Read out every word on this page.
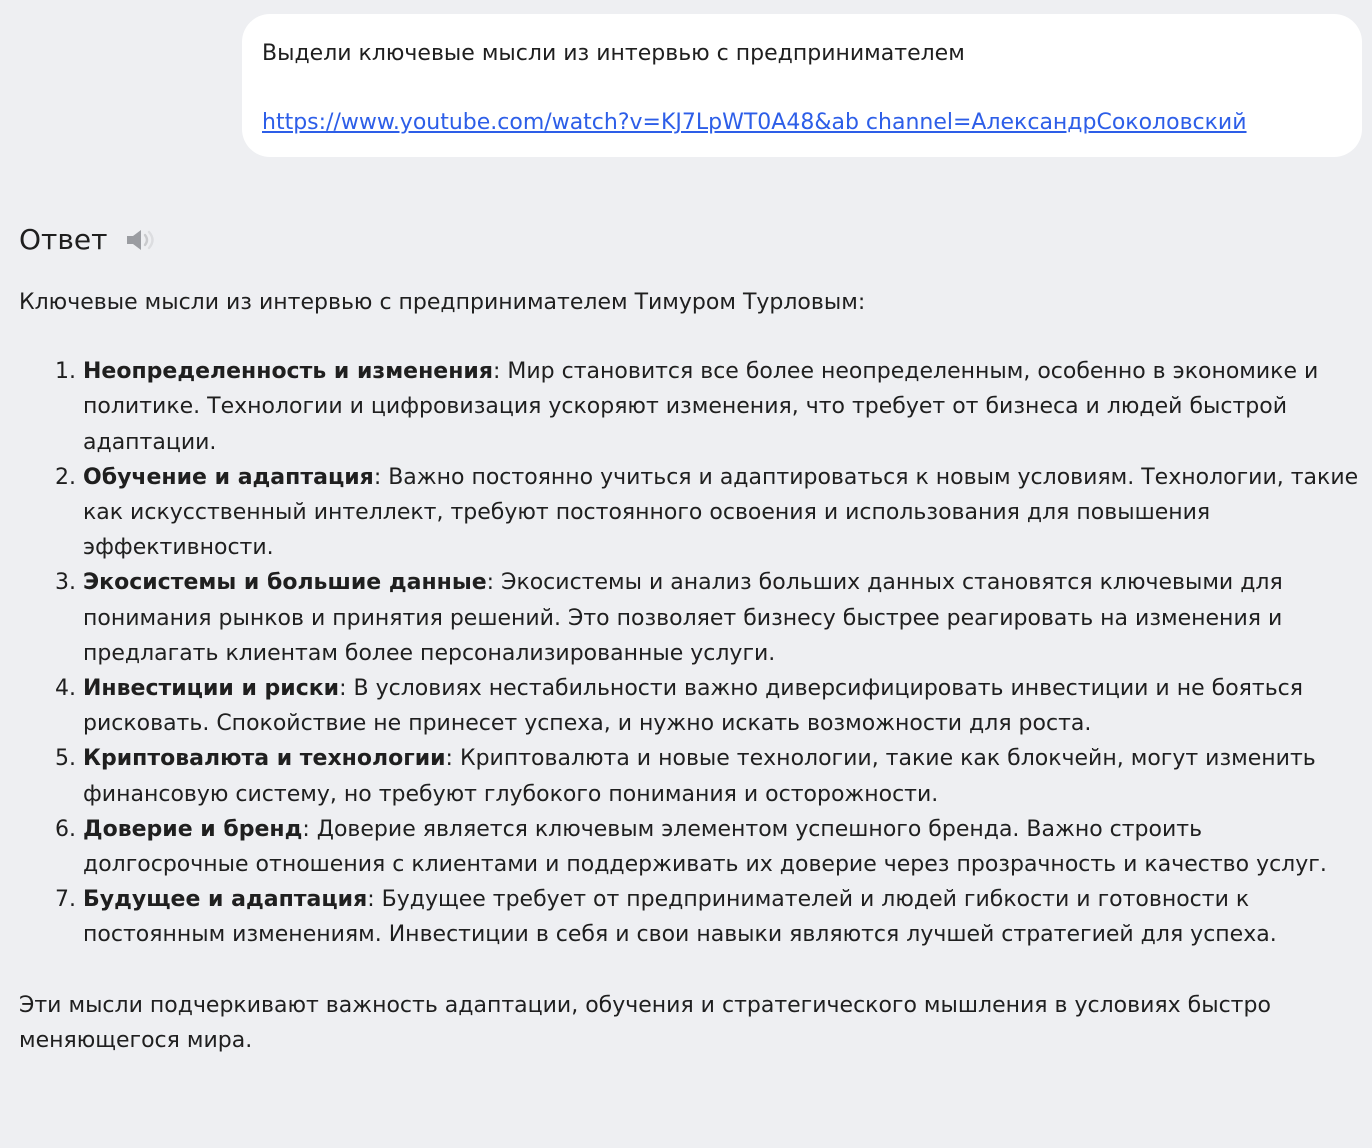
Выдели ключевые мысли из интервью с предпринимателем
https://www.youtube.com/watch?v=KJ7LpWT0A48&ab channel=АлександрСоколовский
Ответ

Ключевые мысли из интервью с предпринимателем Тимуром Турловым:

1. Неопределенность и изменения: Мир становится все более неопределенным, особенно в экономике и политике. Технологии и цифровизация ускоряют изменения, что требует от бизнеса и людей быстрой адаптации.
2. Обучение и адаптация: Важно постоянно учиться и адаптироваться к новым условиям. Технологии, такие как искусственный интеллект, требуют постоянного освоения и использования для повышения эффективности.
3. Экосистемы и большие данные: Экосистемы и анализ больших данных становятся ключевыми для понимания рынков и принятия решений. Это позволяет бизнесу быстрее реагировать на изменения и предлагать клиентам более персонализированные услуги.
4. Инвестиции и риски: В условиях нестабильности важно диверсифицировать инвестиции и не бояться рисковать. Спокойствие не принесет успеха, и нужно искать возможности для роста.
5. Криптовалюта и технологии: Криптовалюта и новые технологии, такие как блокчейн, могут изменить финансовую систему, но требуют глубокого понимания и осторожности.
6. Доверие и бренд: Доверие является ключевым элементом успешного бренда. Важно строить долгосрочные отношения с клиентами и поддерживать их доверие через прозрачность и качество услуг.
7. Будущее и адаптация: Будущее требует от предпринимателей и людей гибкости и готовности к постоянным изменениям. Инвестиции в себя и свои навыки являются лучшей стратегией для успеха.

Эти мысли подчеркивают важность адаптации, обучения и стратегического мышления в условиях быстро меняющегося мира.
